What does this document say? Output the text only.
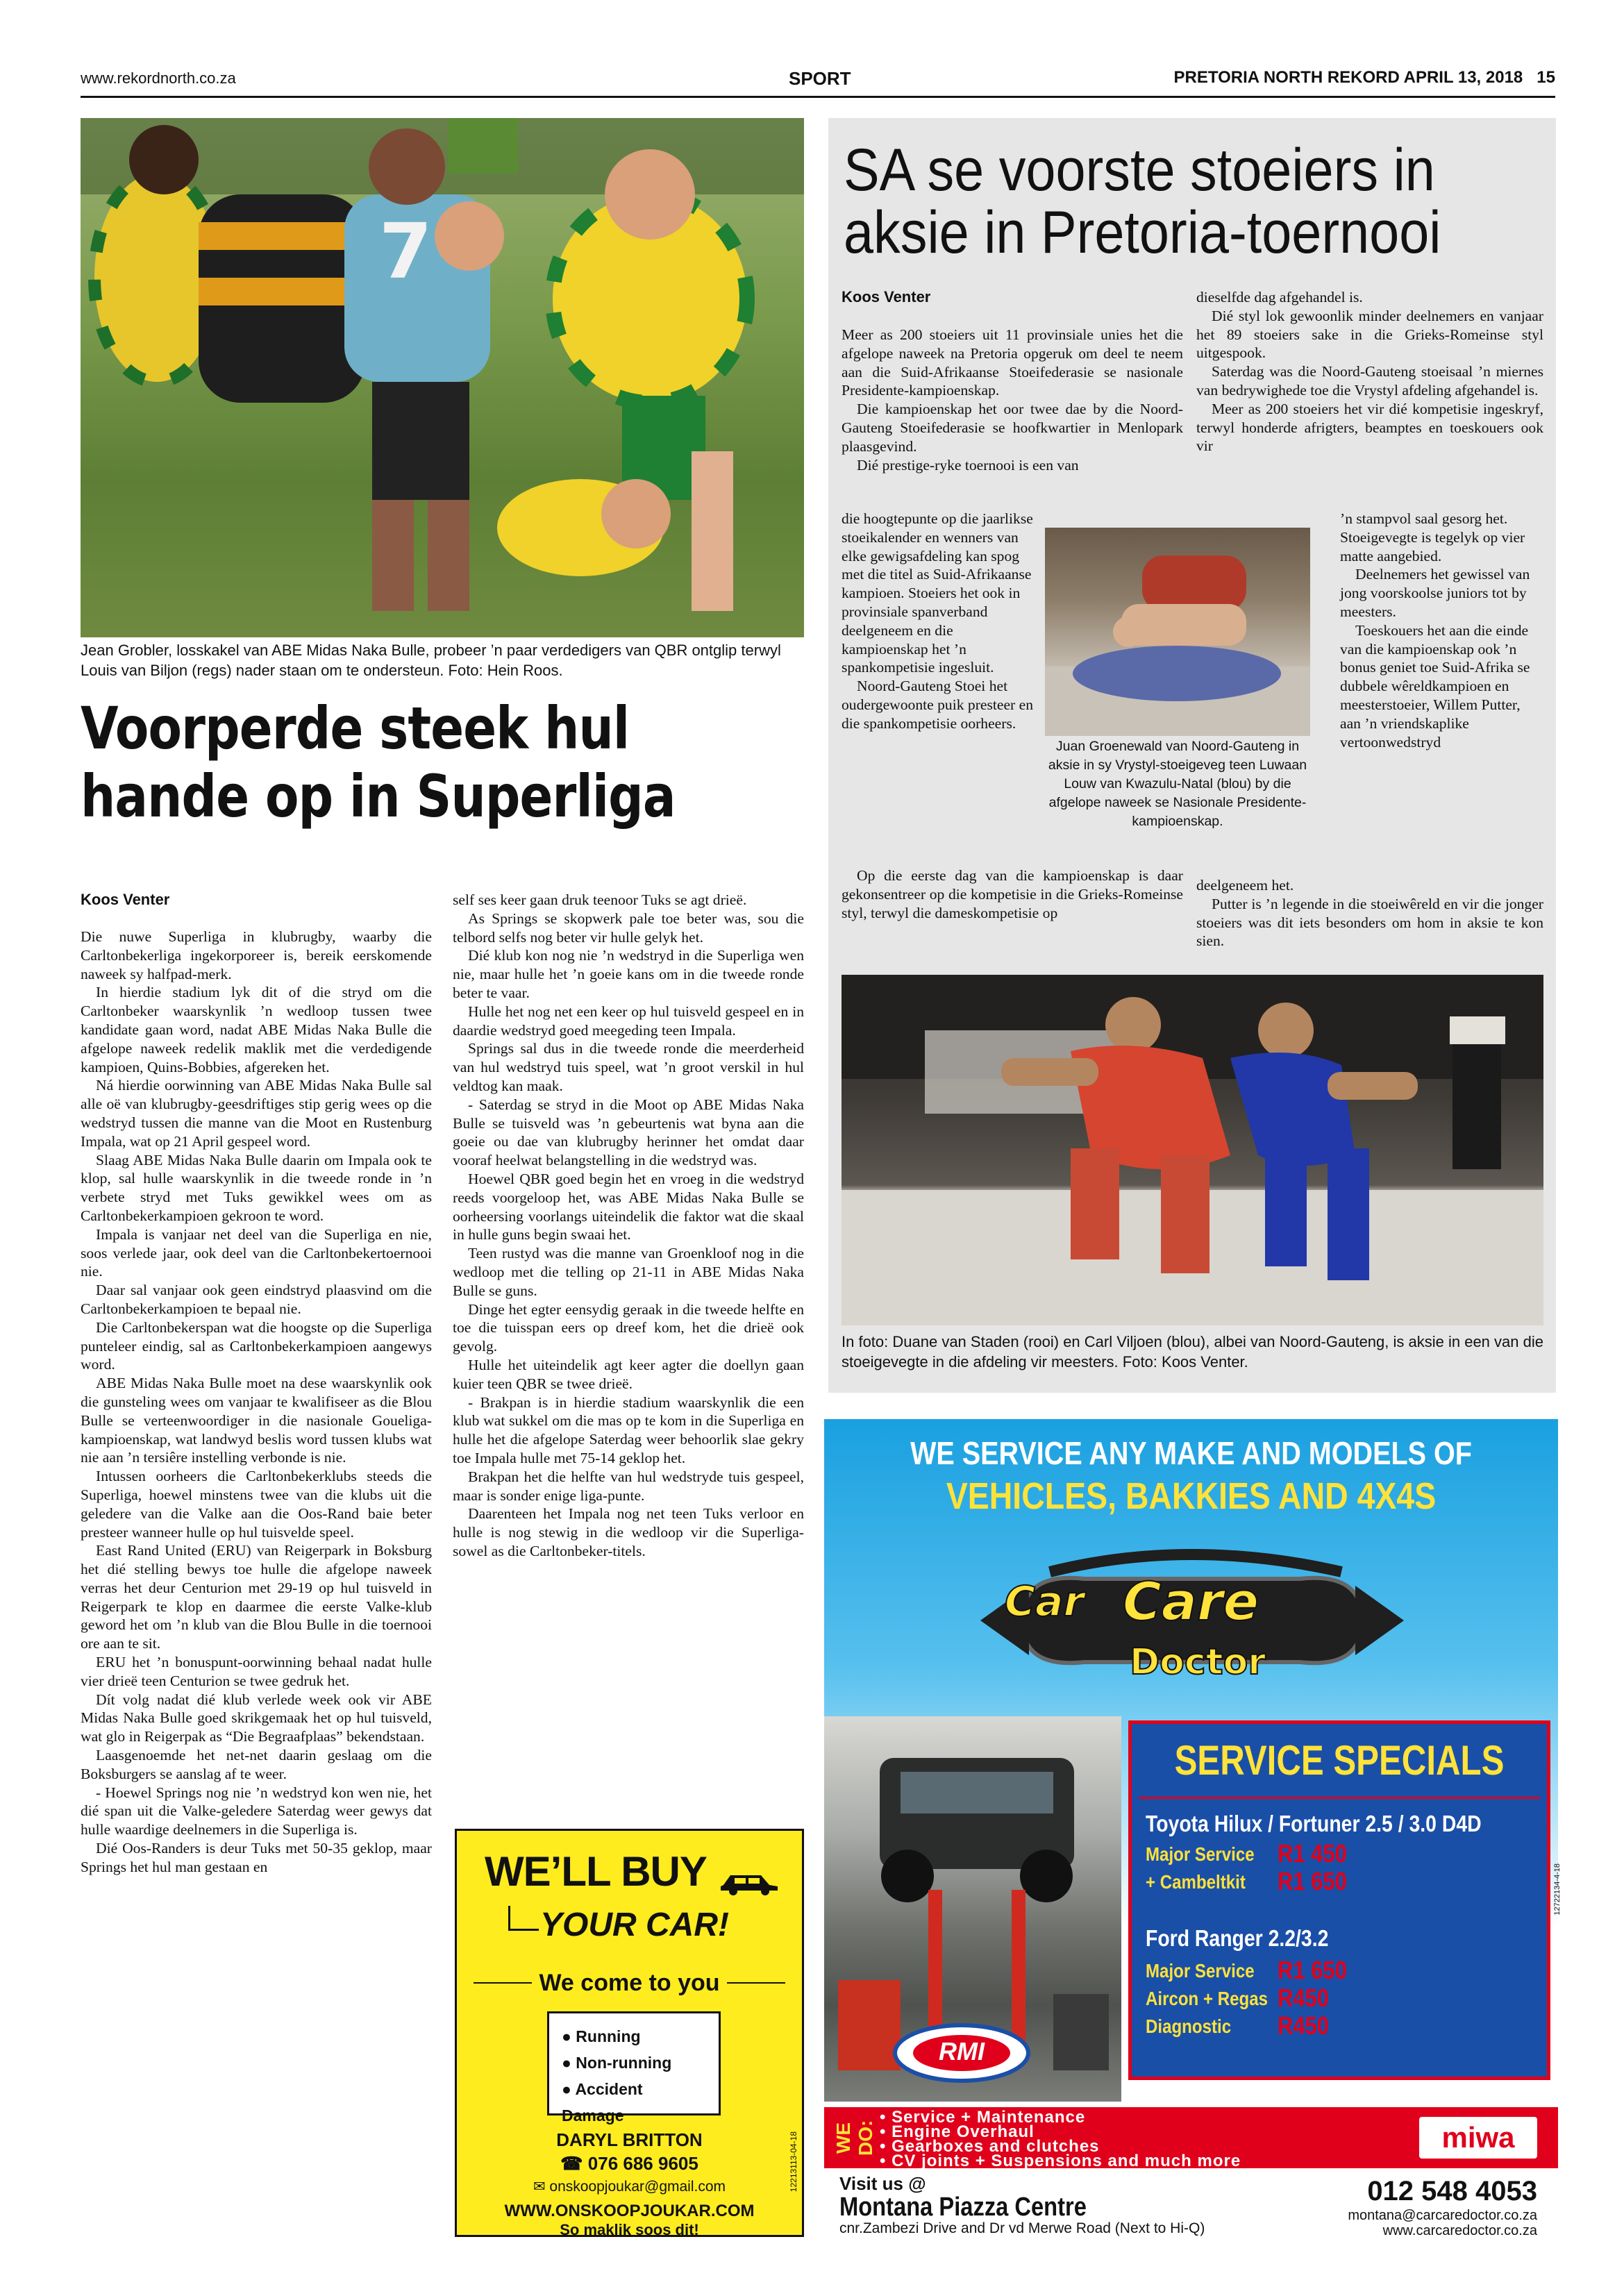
www.rekordnorth.co.za	SPORT	PRETORIA NORTH REKORD APRIL 13, 2018 15
7
Jean Grobler, losskakel van ABE Midas Naka Bulle, probeer ’n paar verdedigers van QBR ontglip terwyl Louis van Biljon (regs) nader staan om te ondersteun. Foto: Hein Roos.
Voorperde steek hul
hande op in Superliga
Koos Venter

Die nuwe Superliga in klubrugby, waarby die Carltonbekerliga ingekorporeer is, bereik eerskomende naweek sy halfpad-merk.

In hierdie stadium lyk dit of die stryd om die Carltonbeker waarskynlik ’n wedloop tussen twee kandidate gaan word, nadat ABE Midas Naka Bulle die afgelope naweek redelik maklik met die verdedigende kampioen, Quins-Bobbies, afgereken het.

Ná hierdie oorwinning van ABE Midas Naka Bulle sal alle oë van klubrugby-geesdriftiges stip gerig wees op die wedstryd tussen die manne van die Moot en Rustenburg Impala, wat op 21 April gespeel word.

Slaag ABE Midas Naka Bulle daarin om Impala ook te klop, sal hulle waarskynlik in die tweede ronde in ’n verbete stryd met Tuks gewikkel wees om as Carltonbekerkampioen gekroon te word.

Impala is vanjaar net deel van die Superliga en nie, soos verlede jaar, ook deel van die Carltonbekertoernooi nie.

Daar sal vanjaar ook geen eindstryd plaasvind om die Carltonbekerkampioen te bepaal nie.

Die Carltonbekerspan wat die hoogste op die Superliga punteleer eindig, sal as Carltonbekerkampioen aangewys word.

ABE Midas Naka Bulle moet na dese waarskynlik ook die gunsteling wees om vanjaar te kwalifiseer as die Blou Bulle se verteenwoordiger in die nasionale Goueliga-kampioenskap, wat landwyd beslis word tussen klubs wat nie aan ’n tersiêre instelling verbonde is nie.

Intussen oorheers die Carltonbekerklubs steeds die Superliga, hoewel minstens twee van die klubs uit die geledere van die Valke aan die Oos-Rand baie beter presteer wanneer hulle op hul tuisvelde speel.

East Rand United (ERU) van Reigerpark in Boksburg het dié stelling bewys toe hulle die afgelope naweek verras het deur Centurion met 29-19 op hul tuisveld in Reigerpark te klop en daarmee die eerste Valke-klub geword het om ’n klub van die Blou Bulle in die toernooi ore aan te sit.

ERU het ’n bonuspunt-oorwinning behaal nadat hulle vier drieë teen Centurion se twee gedruk het.

Dít volg nadat dié klub verlede week ook vir ABE Midas Naka Bulle goed skrikgemaak het op hul tuisveld, wat glo in Reigerpak as “Die Begraafplaas” bekendstaan.

Laasgenoemde het net-net daarin geslaag om die Boksburgers se aanslag af te weer.

- Hoewel Springs nog nie ’n wedstryd kon wen nie, het dié span uit die Valke-geledere Saterdag weer gewys dat hulle waardige deelnemers in die Superliga is.

Dié Oos-Randers is deur Tuks met 50-35 geklop, maar Springs het hul man gestaan en

self ses keer gaan druk teenoor Tuks se agt drieë.

As Springs se skopwerk pale toe beter was, sou die telbord selfs nog beter vir hulle gelyk het.

Dié klub kon nog nie ’n wedstryd in die Superliga wen nie, maar hulle het ’n goeie kans om in die tweede ronde beter te vaar.

Hulle het nog net een keer op hul tuisveld gespeel en in daardie wedstryd goed meegeding teen Impala.

Springs sal dus in die tweede ronde die meerderheid van hul wedstryd tuis speel, wat ’n groot verskil in hul veldtog kan maak.

- Saterdag se stryd in die Moot op ABE Midas Naka Bulle se tuisveld was ’n gebeurtenis wat byna aan die goeie ou dae van klubrugby herinner het omdat daar vooraf heelwat belangstelling in die wedstryd was.

Hoewel QBR goed begin het en vroeg in die wedstryd reeds voorgeloop het, was ABE Midas Naka Bulle se oorheersing voorlangs uiteindelik die faktor wat die skaal in hulle guns begin swaai het.

Teen rustyd was die manne van Groenkloof nog in die wedloop met die telling op 21-11 in ABE Midas Naka Bulle se guns.

Dinge het egter eensydig geraak in die tweede helfte en toe die tuisspan eers op dreef kom, het die drieë ook gevolg.

Hulle het uiteindelik agt keer agter die doellyn gaan kuier teen QBR se twee drieë.

- Brakpan is in hierdie stadium waarskynlik die een klub wat sukkel om die mas op te kom in die Superliga en hulle het die afgelope Saterdag weer behoorlik slae gekry toe Impala hulle met 75-14 geklop het.

Brakpan het die helfte van hul wedstryde tuis gespeel, maar is sonder enige liga-punte.

Daarenteen het Impala nog net teen Tuks verloor en hulle is nog stewig in die wedloop vir die Superliga- sowel as die Carltonbeker-titels.

SA se voorste stoeiers in
aksie in Pretoria-toernooi
Koos Venter

Meer as 200 stoeiers uit 11 provinsiale unies het die afgelope naweek na Pretoria opgeruk om deel te neem aan die Suid-Afrikaanse Stoeifederasie se nasionale Presidente-kampioenskap.

Die kampioenskap het oor twee dae by die Noord-Gauteng Stoeifederasie se hoofkwartier in Menlopark plaasgevind.

Dié prestige-ryke toernooi is een van

die hoogtepunte op die jaarlikse stoeikalender en wenners van elke gewigsafdeling kan spog met die titel as Suid-Afrikaanse kampioen. Stoeiers het ook in provinsiale spanverband deelgeneem en die kampioenskap het ’n spankompetisie ingesluit.

Noord-Gauteng Stoei het oudergewoonte puik presteer en die spankompetisie oorheers.

Op die eerste dag van die kampioenskap is daar gekonsentreer op die kompetisie in die Grieks-Romeinse styl, terwyl die dameskompetisie op

dieselfde dag afgehandel is.

Dié styl lok gewoonlik minder deelnemers en vanjaar het 89 stoeiers sake in die Grieks-Romeinse styl uitgespook.

Saterdag was die Noord-Gauteng stoeisaal ’n miernes van bedrywighede toe die Vrystyl afdeling afgehandel is.

Meer as 200 stoeiers het vir dié kompetisie ingeskryf, terwyl honderde afrigters, beamptes en toeskouers ook vir

’n stampvol saal gesorg het. Stoeigevegte is tegelyk op vier matte aangebied.

Deelnemers het gewissel van jong voorskoolse juniors tot by meesters.

Toeskouers het aan die einde van die kampioenskap ook ’n bonus geniet toe Suid-Afrika se dubbele wêreldkampioen en meesterstoeier, Willem Putter, aan ’n vriendskaplike vertoonwedstryd

deelgeneem het.

Putter is ’n legende in die stoeiwêreld en vir die jonger stoeiers was dit iets besonders om hom in aksie te kon sien.

Juan Groenewald van Noord-Gauteng in aksie in sy Vrystyl-stoeigeveg teen Luwaan Louw van Kwazulu-Natal (blou) by die afgelope naweek se Nasionale Presidente-kampioenskap.
In foto: Duane van Staden (rooi) en Carl Viljoen (blou), albei van Noord-Gauteng, is aksie in een van die stoeigevegte in die afdeling vir meesters. Foto: Koos Venter.
WE’LL BUY
YOUR CAR!
We come to you
● Running
● Non-running
● Accident Damage
DARYL BRITTON
☎ 076 686 9605
✉ onskoopjoukar@gmail.com
WWW.ONSKOOPJOUKAR.COM
So maklik soos dit!
12213113-04-18
WE SERVICE ANY MAKE AND MODELS OF
VEHICLES, BAKKIES AND 4X4S
Car Care
Doctor
RMI
SERVICE SPECIALS
Toyota Hilux / Fortuner 2.5 / 3.0 D4D
Major Service R1 450
+ Cambeltkit R1 650
Ford Ranger 2.2/3.2
Major Service R1 650
Aircon + Regas R450
Diagnostic R450
12722134-4-18
WE DO:
• Service + Maintenance
• Engine Overhaul
• Gearboxes and clutches
• CV joints + Suspensions and much more
miwa
Visit us @
Montana Piazza Centre
cnr.Zambezi Drive and Dr vd Merwe Road (Next to Hi-Q)
012 548 4053
montana@carcaredoctor.co.za
www.carcaredoctor.co.za
